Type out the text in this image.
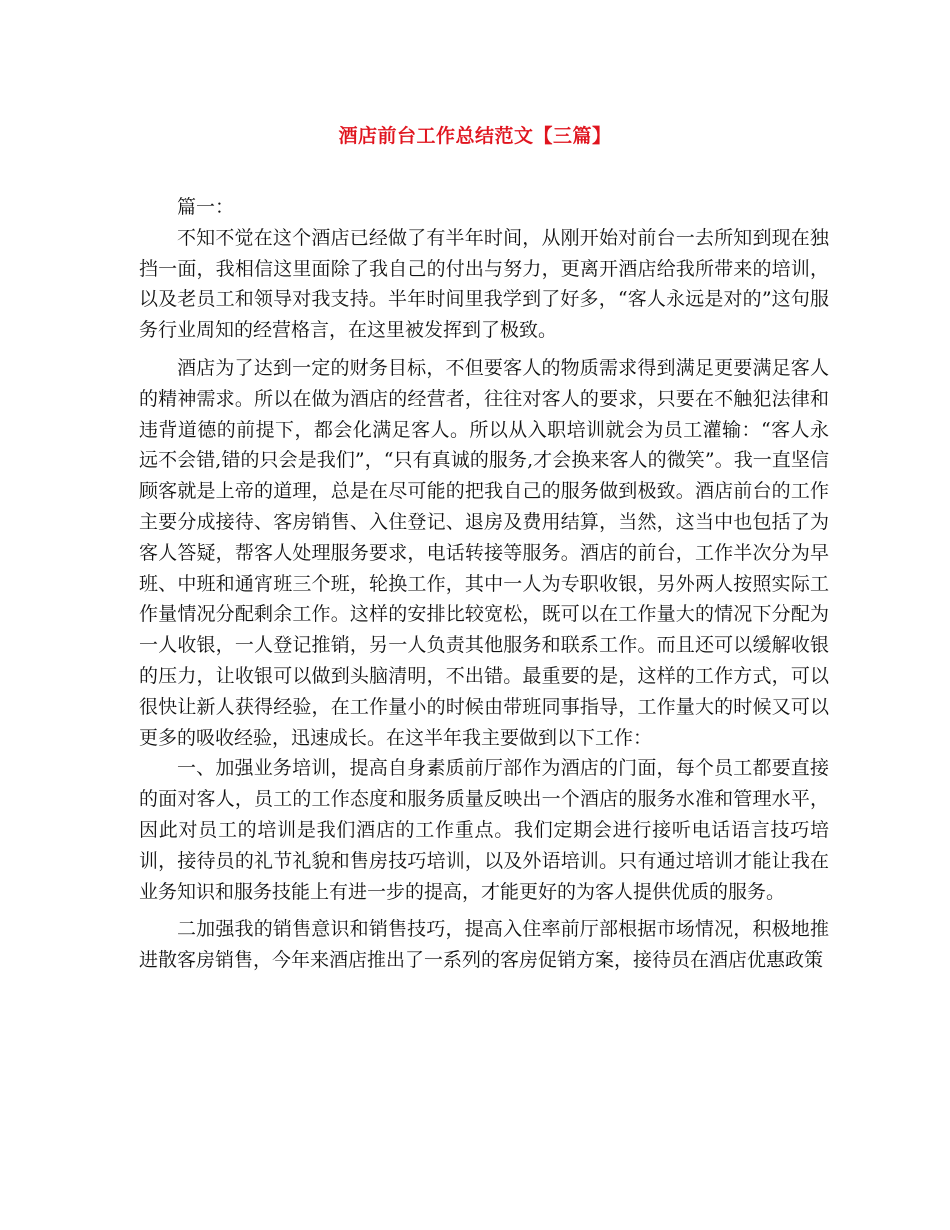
酒店前台工作总结范文【三篇】

篇一：

不知不觉在这个酒店已经做了有半年时间，从刚开始对前台一去所知到现在独挡一面，我相信这里面除了我自己的付出与努力，更离开酒店给我所带来的培训，以及老员工和领导对我支持。半年时间里我学到了好多，“客人永远是对的”这句服务行业周知的经营格言，在这里被发挥到了极致。

酒店为了达到一定的财务目标，不但要客人的物质需求得到满足更要满足客人的精神需求。所以在做为酒店的经营者，往往对客人的要求，只要在不触犯法律和违背道德的前提下，都会化满足客人。所以从入职培训就会为员工灌输：“客人永远不会错,错的只会是我们”，“只有真诚的服务,才会换来客人的微笑”。我一直坚信顾客就是上帝的道理，总是在尽可能的把我自己的服务做到极致。酒店前台的工作主要分成接待、客房销售、入住登记、退房及费用结算，当然，这当中也包括了为客人答疑，帮客人处理服务要求，电话转接等服务。酒店的前台，工作半次分为早班、中班和通宵班三个班，轮换工作，其中一人为专职收银，另外两人按照实际工作量情况分配剩余工作。这样的安排比较宽松，既可以在工作量大的情况下分配为一人收银，一人登记推销，另一人负责其他服务和联系工作。而且还可以缓解收银的压力，让收银可以做到头脑清明，不出错。最重要的是，这样的工作方式，可以很快让新人获得经验，在工作量小的时候由带班同事指导，工作量大的时候又可以更多的吸收经验，迅速成长。在这半年我主要做到以下工作：

一、加强业务培训，提高自身素质前厅部作为酒店的门面，每个员工都要直接的面对客人，员工的工作态度和服务质量反映出一个酒店的服务水准和管理水平，因此对员工的培训是我们酒店的工作重点。我们定期会进行接听电话语言技巧培训，接待员的礼节礼貌和售房技巧培训，以及外语培训。只有通过培训才能让我在业务知识和服务技能上有进一步的提高，才能更好的为客人提供优质的服务。

二加强我的销售意识和销售技巧，提高入住率前厅部根据市场情况，积极地推进散客房销售，今年来酒店推出了一系列的客房促销方案，接待员在酒店优惠政策
